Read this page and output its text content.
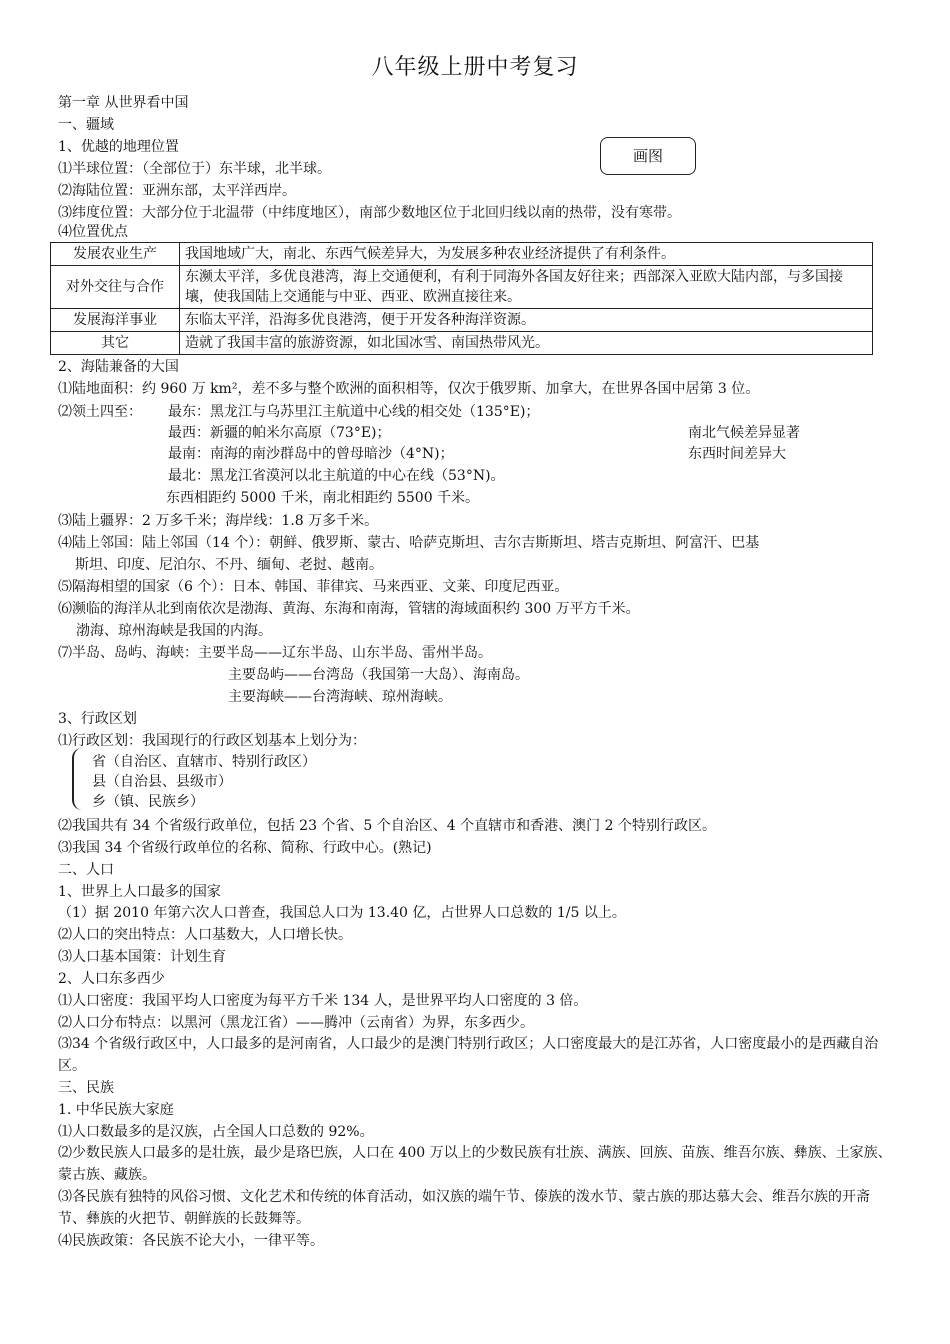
八年级上册中考复习
画图
第一章 从世界看中国
一、疆域
1、优越的地理位置
⑴半球位置：（全部位于）东半球，北半球。
⑵海陆位置：亚洲东部，太平洋西岸。
⑶纬度位置：大部分位于北温带（中纬度地区），南部少数地区位于北回归线以南的热带，没有寒带。
⑷位置优点
发展农业生产	我国地域广大，南北、东西气候差异大，为发展多种农业经济提供了有利条件。
对外交往与合作	东濒太平洋，多优良港湾，海上交通便利，有利于同海外各国友好往来；西部深入亚欧大陆内部，与多国接壤，使我国陆上交通能与中亚、西亚、欧洲直接往来。
发展海洋事业	东临太平洋，沿海多优良港湾，便于开发各种海洋资源。
其它	造就了我国丰富的旅游资源，如北国冰雪、南国热带风光。
2、海陆兼备的大国
⑴陆地面积：约 960 万 km²，差不多与整个欧洲的面积相等，仅次于俄罗斯、加拿大，在世界各国中居第 3 位。
⑵领土四至： 最东：黑龙江与乌苏里江主航道中心线的相交处（135°E)；
最西：新疆的帕米尔高原（73°E)；
最南：南海的南沙群岛中的曾母暗沙（4°N)；
最北：黑龙江省漠河以北主航道的中心在线（53°N)。
南北气候差异显著
东西时间差异大
东西相距约 5000 千米，南北相距约 5500 千米。
⑶陆上疆界：2 万多千米；海岸线：1.8 万多千米。
⑷陆上邻国：陆上邻国（14 个）：朝鲜、俄罗斯、蒙古、哈萨克斯坦、吉尔吉斯斯坦、塔吉克斯坦、阿富汗、巴基
斯坦、印度、尼泊尔、不丹、缅甸、老挝、越南。
⑸隔海相望的国家（6 个）：日本、韩国、菲律宾、马来西亚、文莱、印度尼西亚。
⑹濒临的海洋从北到南依次是渤海、黄海、东海和南海，管辖的海域面积约 300 万平方千米。
渤海、琼州海峡是我国的内海。
⑺半岛、岛屿、海峡：主要半岛——辽东半岛、山东半岛、雷州半岛。
主要岛屿——台湾岛（我国第一大岛）、海南岛。
主要海峡——台湾海峡、琼州海峡。
3、行政区划
⑴行政区划：我国现行的行政区划基本上划分为：
省（自治区、直辖市、特别行政区）
县（自治县、县级市）
乡（镇、民族乡）
⑵我国共有 34 个省级行政单位，包括 23 个省、5 个自治区、4 个直辖市和香港、澳门 2 个特别行政区。
⑶我国 34 个省级行政单位的名称、简称、行政中心。(熟记)
二、人口
1、世界上人口最多的国家
（1）据 2010 年第六次人口普查，我国总人口为 13.40 亿，占世界人口总数的 1/5 以上。
⑵人口的突出特点：人口基数大，人口增长快。
⑶人口基本国策：计划生育
2、人口东多西少
⑴人口密度：我国平均人口密度为每平方千米 134 人，是世界平均人口密度的 3 倍。
⑵人口分布特点：以黑河（黑龙江省）——腾冲（云南省）为界，东多西少。
⑶34 个省级行政区中，人口最多的是河南省，人口最少的是澳门特别行政区；人口密度最大的是江苏省，人口密度最小的是西藏自治区。
三、民族
1. 中华民族大家庭
⑴人口数最多的是汉族，占全国人口总数的 92%。
⑵少数民族人口最多的是壮族，最少是珞巴族，人口在 400 万以上的少数民族有壮族、满族、回族、苗族、维吾尔族、彝族、土家族、蒙古族、藏族。
⑶各民族有独特的风俗习惯、文化艺术和传统的体育活动，如汉族的端午节、傣族的泼水节、蒙古族的那达慕大会、维吾尔族的开斋节、彝族的火把节、朝鲜族的长鼓舞等。
⑷民族政策：各民族不论大小，一律平等。
